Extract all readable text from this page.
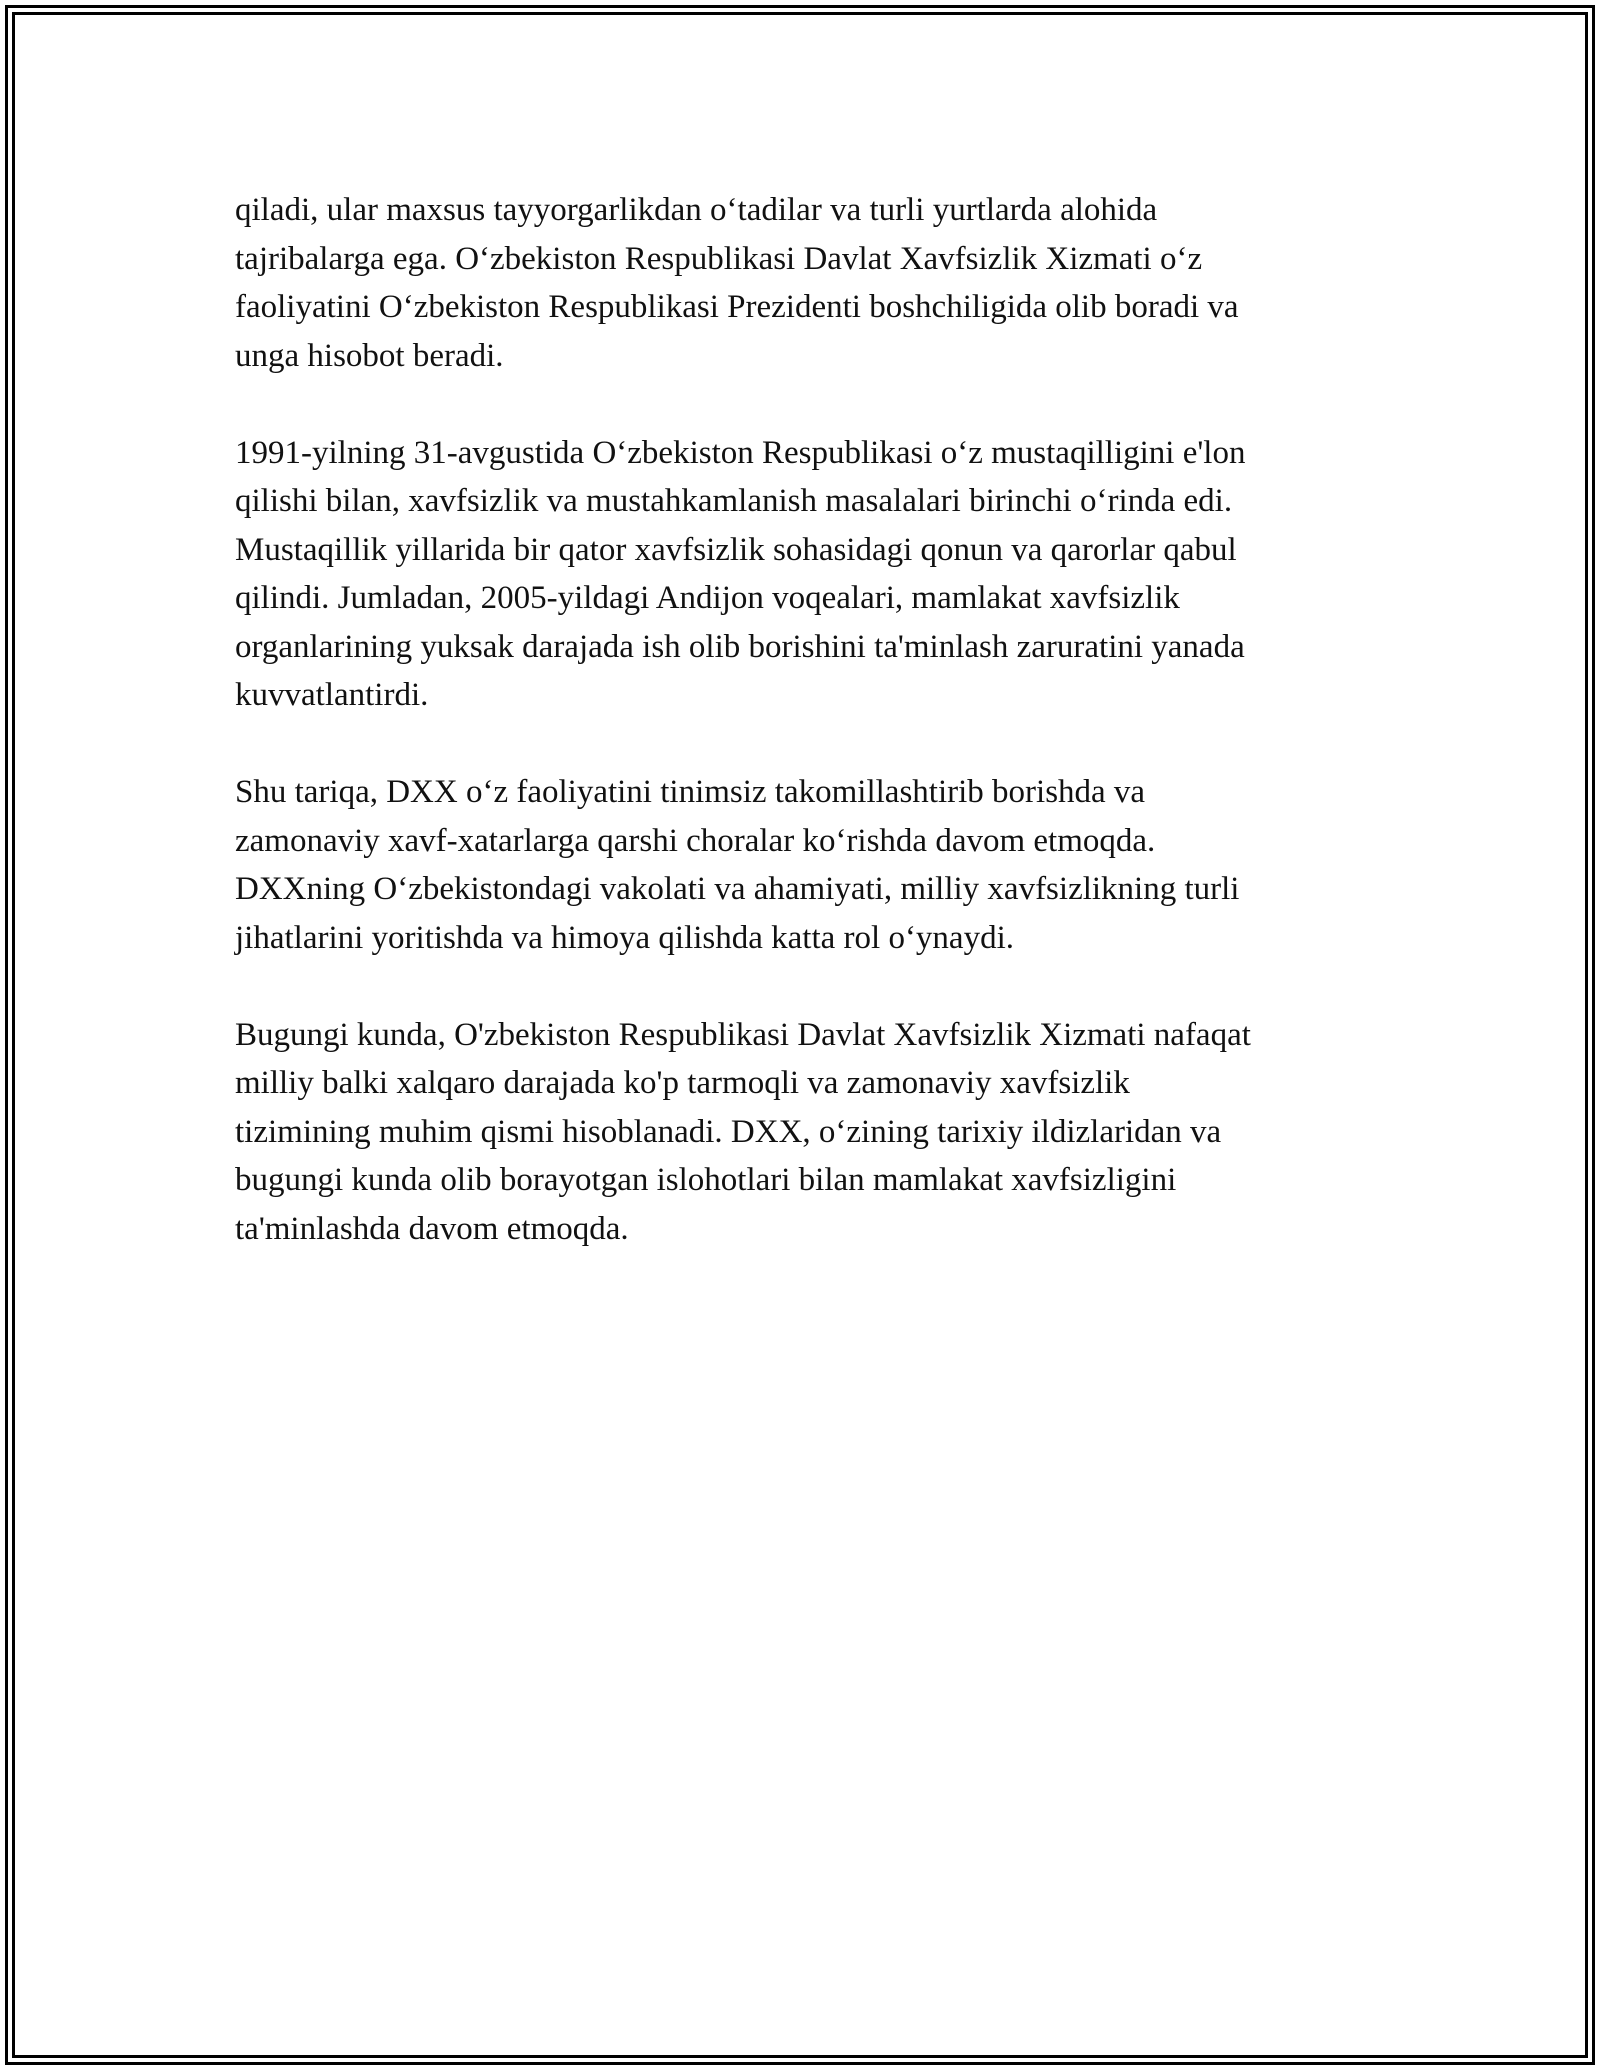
qiladi, ular maxsus tayyorgarlikdan o‘tadilar va turli yurtlarda alohida
tajribalarga ega. O‘zbekiston Respublikasi Davlat Xavfsizlik Xizmati o‘z
faoliyatini O‘zbekiston Respublikasi Prezidenti boshchiligida olib boradi va
unga hisobot beradi.

1991-yilning 31-avgustida O‘zbekiston Respublikasi o‘z mustaqilligini e'lon
qilishi bilan, xavfsizlik va mustahkamlanish masalalari birinchi o‘rinda edi.
Mustaqillik yillarida bir qator xavfsizlik sohasidagi qonun va qarorlar qabul
qilindi. Jumladan, 2005-yildagi Andijon voqealari, mamlakat xavfsizlik
organlarining yuksak darajada ish olib borishini ta'minlash zaruratini yanada
kuvvatlantirdi.

Shu tariqa, DXX o‘z faoliyatini tinimsiz takomillashtirib borishda va
zamonaviy xavf-xatarlarga qarshi choralar ko‘rishda davom etmoqda.
DXXning O‘zbekistondagi vakolati va ahamiyati, milliy xavfsizlikning turli
jihatlarini yoritishda va himoya qilishda katta rol o‘ynaydi.

Bugungi kunda, O'zbekiston Respublikasi Davlat Xavfsizlik Xizmati nafaqat
milliy balki xalqaro darajada ko'p tarmoqli va zamonaviy xavfsizlik
tizimining muhim qismi hisoblanadi. DXX, o‘zining tarixiy ildizlaridan va
bugungi kunda olib borayotgan islohotlari bilan mamlakat xavfsizligini
ta'minlashda davom etmoqda.
